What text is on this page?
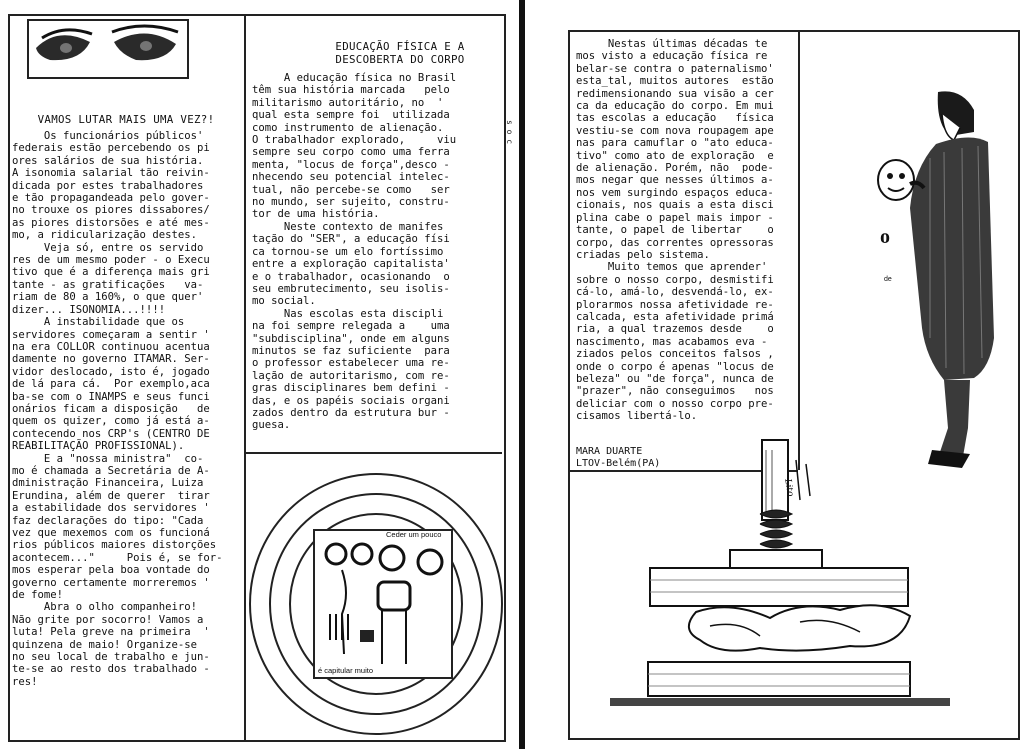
VAMOS LUTAR MAIS UMA VEZ?!

Os funcionários públicos'

federais estão percebendo os pi

ores salários de sua história.

A isonomia salarial tão reivin-

dicada por estes trabalhadores

e tão propagandeada pelo gover-

no trouxe os piores dissabores/

as piores distorsões e até mes-

mo, a ridicularização destes.

Veja só, entre os servido

res de um mesmo poder - o Execu

tivo que é a diferença mais gri

tante - as gratificações   va-

riam de 80 a 160%, o que quer'

dizer... ISONOMIA...!!!!

A instabilidade que os

servidores começaram a sentir '

na era COLLOR continuou acentua

damente no governo ITAMAR. Ser-

vidor deslocado, isto é, jogado

de lá para cá.  Por exemplo,aca

ba-se com o INAMPS e seus funci

onários ficam a disposição   de

quem os quizer, como já está a-

contecendo nos CRP's (CENTRO DE

REABILITAÇÃO PROFISSIONAL).

E a "nossa ministra"  co-

mo é chamada a Secretária de A-

dministração Financeira, Luiza

Erundina, além de querer  tirar

a estabilidade dos servidores '

faz declarações do tipo: "Cada

vez que mexemos com os funcioná

rios públicos maiores distorções

acontecem..."     Pois é, se for-

mos esperar pela boa vontade do

governo certamente morreremos '

de fome!

Abra o olho companheiro!

Não grite por socorro! Vamos a

luta! Pela greve na primeira  '

quinzena de maio! Organize-se

no seu local de trabalho e jun-

te-se ao resto dos trabalhado -

res!

EDUCAÇÃO FÍSICA E A
DESCOBERTA DO CORPO

A educação física no Brasil

têm sua história marcada   pelo

militarismo autoritário, no  '

qual esta sempre foi  utilizada

como instrumento de alienação.

O trabalhador explorado,     viu

sempre seu corpo como uma ferra

menta, "locus de força",desco -

nhecendo seu potencial intelec-

tual, não percebe-se como   ser

no mundo, ser sujeito, constru-

tor de uma história.

Neste contexto de manifes

tação do "SER", a educação físi

ca tornou-se um elo fortíssimo

entre a exploração capitalista'

e o trabalhador, ocasionando  o

seu embrutecimento, seu isolis-

mo social.

Nas escolas esta discipli

na foi sempre relegada a    uma

"subdisciplina", onde em alguns

minutos se faz suficiente  para

o professor estabelecer uma re-

lação de autoritarismo, com re-

gras disciplinares bem defini -

das, e os papéis sociais organi

zados dentro da estrutura bur -

guesa.

Ceder um pouco
é capitular muito
s o c

Nestas últimas décadas te

mos visto a educação física re

belar-se contra o paternalismo'

esta_tal, muitos autores  estão

redimensionando sua visão a cer

ca da educação do corpo. Em mui

tas escolas a educação   física

vestiu-se com nova roupagem ape

nas para camuflar o "ato educa-

tivo" como ato de exploração  e

de alienação. Porém, não  pode-

mos negar que nesses últimos a-

nos vem surgindo espaços educa-

cionais, nos quais a esta disci

plina cabe o papel mais impor -

tante, o papel de libertar    o

corpo, das correntes opressoras

criadas pelo sistema.

Muito temos que aprender'

sobre o nosso corpo, desmistifi

cá-lo, amá-lo, desvendá-lo, ex-

plorarmos nossa afetividade re-

calcada, esta afetividade primá

ria, a qual trazemos desde    o

nascimento, mas acabamos eva -

ziados pelos conceitos falsos ,

onde o corpo é apenas "locus de

beleza" ou "de força", nunca de

"prazer", não conseguimos   nos

deliciar com o nosso corpo pre-

cisamos libertá-lo.

MARA DUARTE
LTOV-Belém(PA)
o
de
Lito
